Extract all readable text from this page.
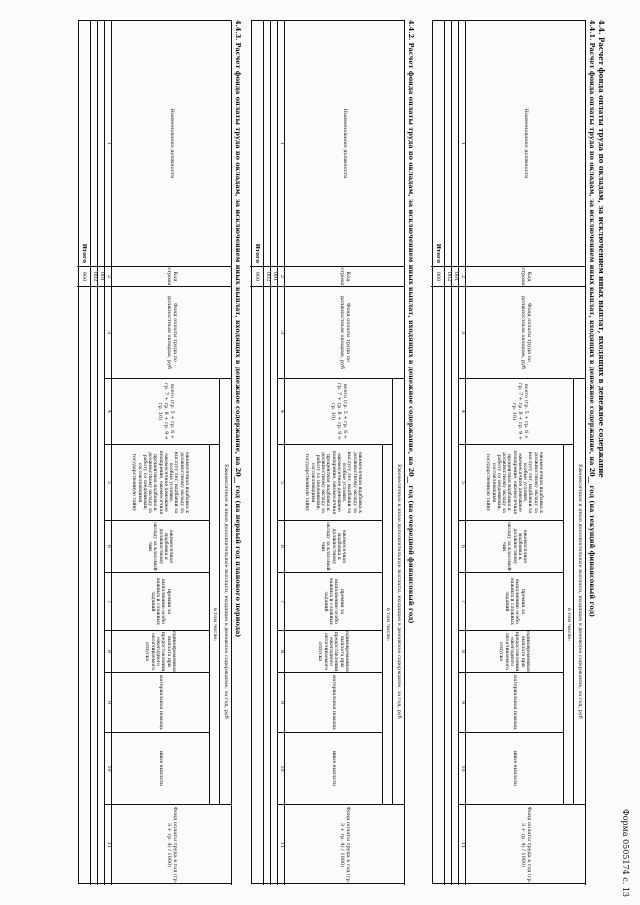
Форма 0505174 с. 13
4.4. Расчет фонда оплаты труда по окладам, за исключением иных выплат, входящих в денежное содержание
4.4.1. Расчет фонда оплаты труда по окладам, за исключением иных выплат, входящих в денежное содержание, на 20__ год (на текущий финансовый год)
Наименование должности
Код строки
Фонд оплаты труда по должностным окладам, руб
Ежемесячные и иные дополнительные выплаты, входящие в денежное содержание, за год, руб
всего (гр. 5 + гр. 6 + гр. 7 + гр. 8 + гр. 9 + гр. 10)
в том числе:
ежемесячная надбавка к должностному окладу за выслугу лет, надбавки за особые условия, ежемесячное денежное поощрение, ежемесячная процентная надбавка к должностному окладу за работу со сведениями, составляющими государственную тайну
ежемесячная надбавка к должностному окладу за классный чин
премии за выполнение особо важных и сложных заданий
единовременная выплата при предоставлении ежегодного оплачиваемого отпуска
материальная помощь
иные выплаты
Фонд оплаты труда в год (гр. 3 + гр. 4) / 1000)
1
2
3
4
5
6
7
8
9
10
11
001
002
Итого
900
4.4.2. Расчет фонда оплаты труда по окладам, за исключением иных выплат, входящих в денежное содержание, на 20__ год (на очередной финансовый год)
Наименование должности
Код строки
Фонд оплаты труда по должностным окладам, руб
Ежемесячные и иные дополнительные выплаты, входящие в денежное содержание, за год, руб
всего (гр. 5 + гр. 6 + гр. 7 + гр. 8 + гр. 9 + гр. 10)
в том числе:
ежемесячная надбавка к должностному окладу за выслугу лет, надбавки за особые условия, ежемесячное денежное поощрение, ежемесячная процентная надбавка к должностному окладу за работу со сведениями, составляющими государственную тайну
ежемесячная надбавка к должностному окладу за классный чин
премии за выполнение особо важных и сложных заданий
единовременная выплата при предоставлении ежегодного оплачиваемого отпуска
материальная помощь
иные выплаты
Фонд оплаты труда в год (гр. 3 + гр. 4) / 1000)
1
2
3
4
5
6
7
8
9
10
11
001
002
Итого
900
4.4.3. Расчет фонда оплаты труда по окладам, за исключением иных выплат, входящих в денежное содержание, на 20__ год (на первый год планового периода)
Наименование должности
Код строки
Фонд оплаты труда по должностным окладам, руб
Ежемесячные и иные дополнительные выплаты, входящие в денежное содержание, за год, руб
всего (гр. 5 + гр. 6 + гр. 7 + гр. 8 + гр. 9 + гр. 10)
в том числе:
ежемесячная надбавка к должностному окладу за выслугу лет, надбавки за особые условия, ежемесячное денежное поощрение, ежемесячная процентная надбавка к должностному окладу за работу со сведениями, составляющими государственную тайну
ежемесячная надбавка к должностному окладу за классный чин
премии за выполнение особо важных и сложных заданий
единовременная выплата при предоставлении ежегодного оплачиваемого отпуска
материальная помощь
иные выплаты
Фонд оплаты труда в год (гр. 3 + гр. 4) / 1000)
1
2
3
4
5
6
7
8
9
10
11
001
002
Итого
900
